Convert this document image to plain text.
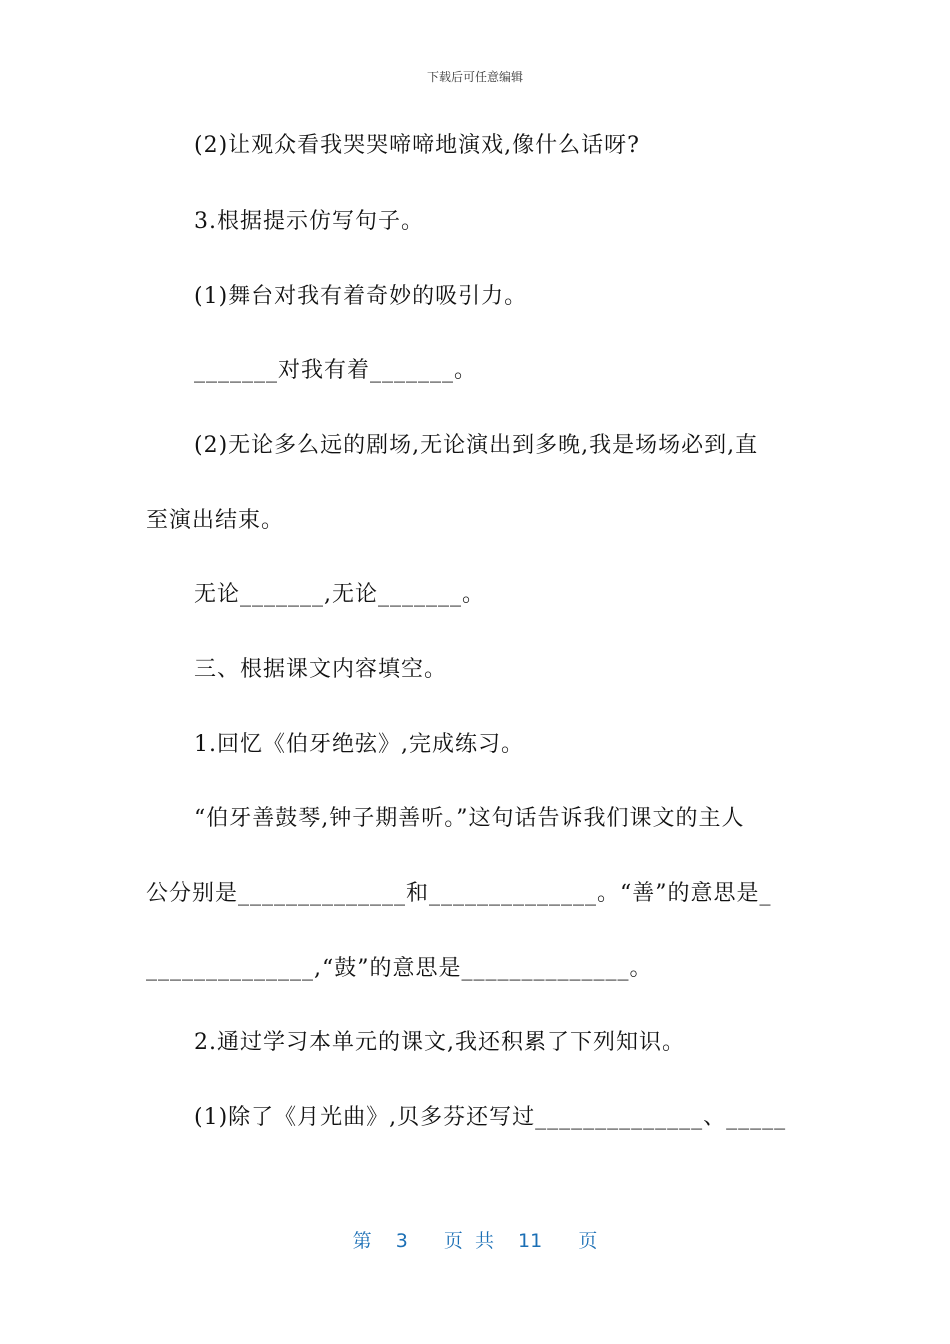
下载后可任意编辑
(2)让观众看我哭哭啼啼地演戏,像什么话呀?
3.根据提示仿写句子。
(1)舞台对我有着奇妙的吸引力。
_______对我有着_______。
(2)无论多么远的剧场,无论演出到多晚,我是场场必到,直
至演出结束。
无论_______,无论_______。
三、根据课文内容填空。
1.回忆《伯牙绝弦》,完成练习。
“伯牙善鼓琴,钟子期善听。”这句话告诉我们课文的主人
公分别是______________和______________。“善”的意思是_
______________,“鼓”的意思是______________。
2.通过学习本单元的课文,我还积累了下列知识。
(1)除了《月光曲》,贝多芬还写过______________、_____
第  3   页 共  11   页
